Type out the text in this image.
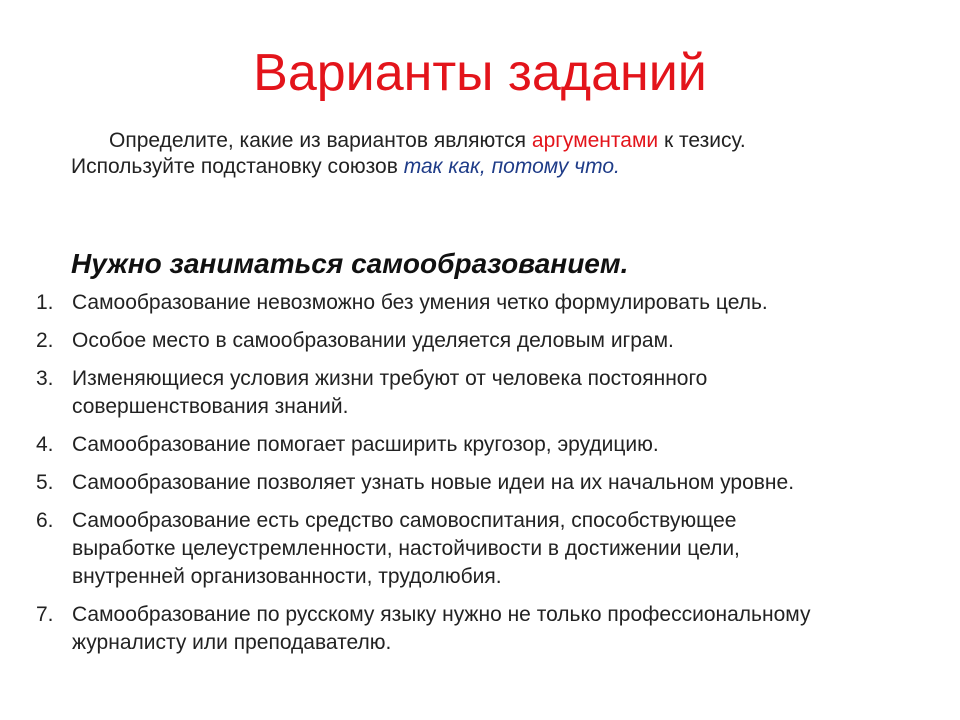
Варианты заданий

Определите, какие из вариантов являются аргументами к тезису. Используйте подстановку союзов так как, потому что.

Нужно заниматься самообразованием.

1. Самообразование невозможно без умения четко формулировать цель.
2. Особое место в самообразовании уделяется деловым играм.
3. Изменяющиеся условия жизни требуют от человека постоянного совершенствования знаний.
4. Самообразование помогает расширить кругозор, эрудицию.
5. Самообразование позволяет узнать новые идеи на их начальном уровне.
6. Самообразование есть средство самовоспитания, способствующее выработке целеустремленности, настойчивости в достижении цели, внутренней организованности, трудолюбия.
7. Самообразование по русскому языку нужно не только профессиональному журналисту или преподавателю.
